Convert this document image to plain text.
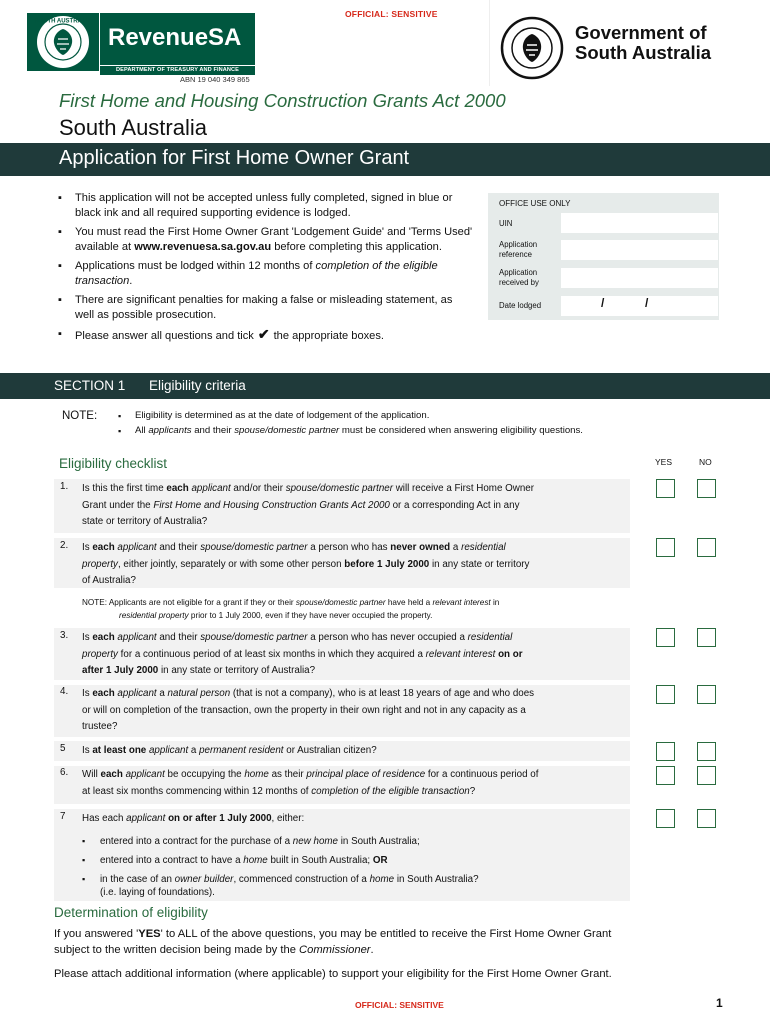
OFFICIAL: SENSITIVE
SOUTH AUSTRALIA
RevenueSA
DEPARTMENT OF TREASURY AND FINANCE
ABN 19 040 349 865
Government of
South Australia
First Home and Housing Construction Grants Act 2000
South Australia
Application for First Home Owner Grant
▪ This application will not be accepted unless fully completed, signed in blue or black ink and all required supporting evidence is lodged.
▪ You must read the First Home Owner Grant 'Lodgement Guide' and 'Terms Used' available at www.revenuesa.sa.gov.au before completing this application.
▪ Applications must be lodged within 12 months of completion of the eligible transaction.
▪ There are significant penalties for making a false or misleading statement, as well as possible prosecution.
▪ Please answer all questions and tick ✔ the appropriate boxes.
OFFICE USE ONLY
UIN
Application
reference
Application
received by
Date lodged	/	/
SECTION 1 Eligibility criteria
NOTE:
▪	Eligibility is determined as at the date of lodgement of the application.
▪ All applicants and their spouse/domestic partner must be considered when answering eligibility questions.
Eligibility checklist	YES	NO
1. Is this the first time each applicant and/or their spouse/domestic partner will receive a First Home Owner
Grant under the First Home and Housing Construction Grants Act 2000 or a corresponding Act in any
state or territory of Australia?
2. Is each applicant and their spouse/domestic partner a person who has never owned a residential
property, either jointly, separately or with some other person before 1 July 2000 in any state or territory
of Australia?
NOTE: Applicants are not eligible for a grant if they or their spouse/domestic partner have held a relevant interest in
residential property prior to 1 July 2000, even if they have never occupied the property.
3. Is each applicant and their spouse/domestic partner a person who has never occupied a residential
property for a continuous period of at least six months in which they acquired a relevant interest on or
after 1 July 2000 in any state or territory of Australia?
4. Is each applicant a natural person (that is not a company), who is at least 18 years of age and who does
or will on completion of the transaction, own the property in their own right and not in any capacity as a
trustee?
5 Is at least one applicant a permanent resident or Australian citizen?
6. Will each applicant be occupying the home as their principal place of residence for a continuous period of
at least six months commencing within 12 months of completion of the eligible transaction?
7 Has each applicant on or after 1 July 2000, either:
▪ entered into a contract for the purchase of a new home in South Australia;
▪ entered into a contract to have a home built in South Australia; OR
▪ in the case of an owner builder, commenced construction of a home in South Australia?
(i.e. laying of foundations).
Determination of eligibility
If you answered 'YES' to ALL of the above questions, you may be entitled to receive the First Home Owner Grant
subject to the written decision being made by the Commissioner.
Please attach additional information (where applicable) to support your eligibility for the First Home Owner Grant.
OFFICIAL: SENSITIVE	1
